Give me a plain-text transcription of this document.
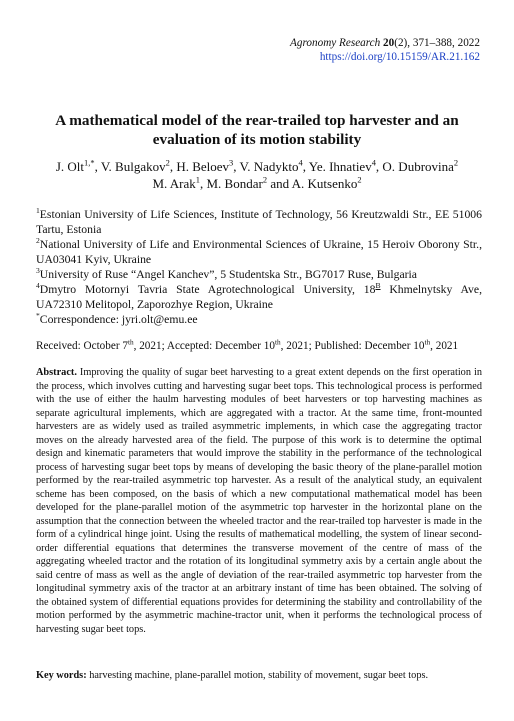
Agronomy Research 20(2), 371–388, 2022
https://doi.org/10.15159/AR.21.162
A mathematical model of the rear-trailed top harvester and an evaluation of its motion stability
J. Olt$^{1,*}$, V. Bulgakov$^2$, H. Beloev$^3$, V. Nadykto$^4$, Ye. Ihnatiev$^4$, O. Dubrovina$^2$
M. Arak$^1$, M. Bondar$^2$ and A. Kutsenko$^2$
$^1$Estonian University of Life Sciences, Institute of Technology, 56 Kreutzwaldi Str., EE 51006 Tartu, Estonia
$^2$National University of Life and Environmental Sciences of Ukraine, 15 Heroiv Oborony Str., UA03041 Kyiv, Ukraine
$^3$University of Ruse “Angel Kanchev”, 5 Studentska Str., BG7017 Ruse, Bulgaria
$^4$Dmytro Motornyi Tavria State Agrotechnological University, $18^B$ Khmelnytsky Ave, UA72310 Melitopol, Zaporozhye Region, Ukraine
*Correspondence: jyri.olt@emu.ee
Received: October 7th, 2021; Accepted: December 10th, 2021; Published: December 10th, 2021
Abstract. Improving the quality of sugar beet harvesting to a great extent depends on the first operation in the process, which involves cutting and harvesting sugar beet tops. This technological process is performed with the use of either the haulm harvesting modules of beet harvesters or top harvesting machines as separate agricultural implements, which are aggregated with a tractor. At the same time, front-mounted harvesters are as widely used as trailed asymmetric implements, in which case the aggregating tractor moves on the already harvested area of the field. The purpose of this work is to determine the optimal design and kinematic parameters that would improve the stability in the performance of the technological process of harvesting sugar beet tops by means of developing the basic theory of the plane-parallel motion performed by the rear-trailed asymmetric top harvester. As a result of the analytical study, an equivalent scheme has been composed, on the basis of which a new computational mathematical model has been developed for the plane-parallel motion of the asymmetric top harvester in the horizontal plane on the assumption that the connection between the wheeled tractor and the rear-trailed top harvester is made in the form of a cylindrical hinge joint. Using the results of mathematical modelling, the system of linear second-order differential equations that determines the transverse movement of the centre of mass of the aggregating wheeled tractor and the rotation of its longitudinal symmetry axis by a certain angle about the said centre of mass as well as the angle of deviation of the rear-trailed asymmetric top harvester from the longitudinal symmetry axis of the tractor at an arbitrary instant of time has been obtained. The solving of the obtained system of differential equations provides for determining the stability and controllability of the motion performed by the asymmetric machine-tractor unit, when it performs the technological process of harvesting sugar beet tops.
Key words: harvesting machine, plane-parallel motion, stability of movement, sugar beet tops.
